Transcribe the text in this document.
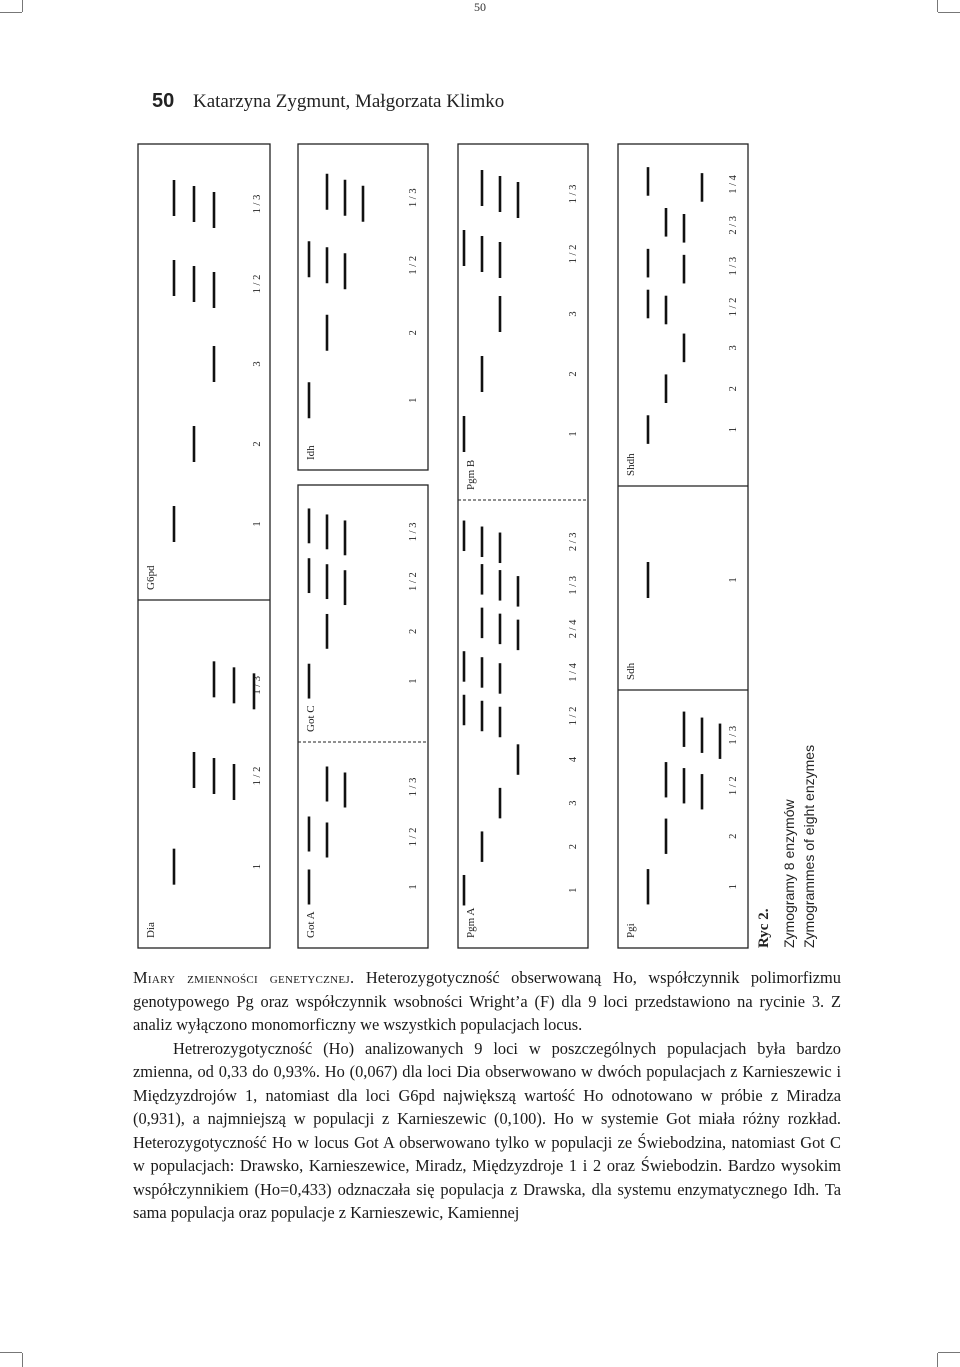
50
50 Katarzyna Zygmunt, Małgorzata Klimko
Dia
1
1 / 2
1 / 3
G6pd
1
2
3
1 / 2
1 / 3
Got A
1
1 / 2
1 / 3
Got C
1
2
1 / 2
1 / 3
Idh
1
2
1 / 2
1 / 3
Pgm A
1
2
3
4
1 / 2
1 / 4
2 / 4
1 / 3
2 / 3
Pgm B
1
2
3
1 / 2
1 / 3
Pgi
1
2
1 / 2
1 / 3
Sdh
1
Shdh
1
2
3
1 / 2
1 / 3
2 / 3
1 / 4
Ryc 2. Zymogramy 8 enzymów Zymogrammes of eight enzymes

Miary zmienności genetycznej. Heterozygotyczność obserwowaną Ho, współczynnik polimorfizmu genotypowego Pg oraz współczynnik wsobności Wright’a (F) dla 9 loci przedstawiono na rycinie 3. Z analiz wyłączono monomorficzny we wszystkich populacjach locus.

Hetrerozygotyczność (Ho) analizowanych 9 loci w poszczególnych populacjach była bardzo zmienna, od 0,33 do 0,93%. Ho (0,067) dla loci Dia obserwowano w dwóch populacjach z Karnieszewic i Międzyzdrojów 1, natomiast dla loci G6pd największą wartość Ho odnotowano w próbie z Miradza (0,931), a najmniejszą w populacji z Karnieszewic (0,100). Ho w systemie Got miała różny rozkład. Heterozygotyczność Ho w locus Got A obserwowano tylko w populacji ze Świebodzina, natomiast Got C w populacjach: Drawsko, Karnieszewice, Miradz, Międzyzdroje 1 i 2 oraz Świebodzin. Bardzo wysokim współczynnikiem (Ho=0,433) odznaczała się populacja z Drawska, dla systemu enzymatycznego Idh. Ta sama populacja oraz populacje z Karnieszewic, Kamiennej
